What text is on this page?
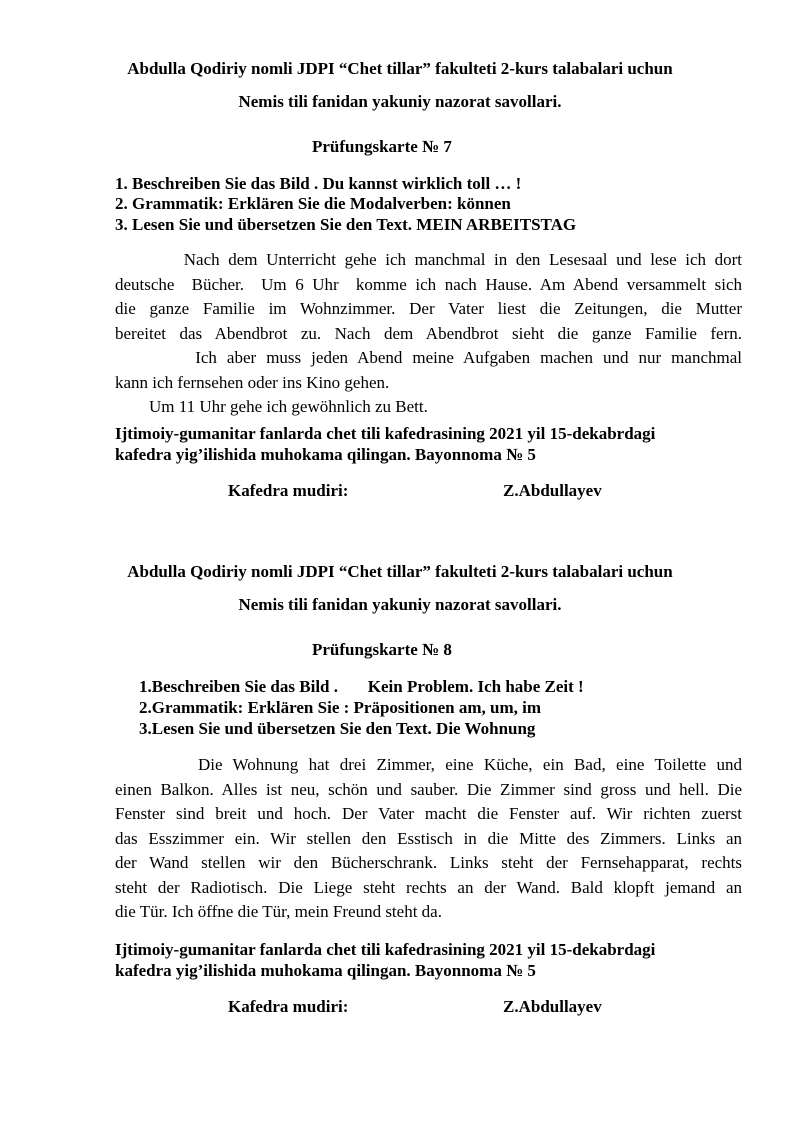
Abdulla Qodiriy nomli JDPI “Chet tillar” fakulteti 2-kurs talabalari uchun
Nemis tili fanidan yakuniy nazorat savollari.
Prüfungskarte № 7
1. Beschreiben Sie das Bild . Du kannst wirklich toll … !
2. Grammatik: Erklären Sie die Modalverben: können
3. Lesen Sie und übersetzen Sie den Text. MEIN ARBEITSTAG
Nach dem Unterricht gehe ich manchmal in den Lesesaal und lese ich dort
deutsche  Bücher.  Um 6 Uhr  komme ich nach Hause. Am Abend versammelt sich
die ganze Familie im Wohnzimmer. Der Vater liest die Zeitungen, die Mutter
bereitet das Abendbrot zu. Nach dem Abendbrot sieht die ganze Familie fern.
Ich aber muss jeden Abend meine Aufgaben machen und nur manchmal
kann ich fernsehen oder ins Kino gehen.
Um 11 Uhr gehe ich gewöhnlich zu Bett.
Ijtimoiy-gumanitar fanlarda chet tili kafedrasining 2021 yil 15-dekabrdagi
kafedra yig’ilishida muhokama qilingan. Bayonnoma № 5
Kafedra mudiri:	Z.Abdullayev
Abdulla Qodiriy nomli JDPI “Chet tillar” fakulteti 2-kurs talabalari uchun
Nemis tili fanidan yakuniy nazorat savollari.
Prüfungskarte № 8
1.Beschreiben Sie das Bild .       Kein Problem. Ich habe Zeit !
2.Grammatik: Erklären Sie : Präpositionen am, um, im
3.Lesen Sie und übersetzen Sie den Text. Die Wohnung
Die Wohnung hat drei Zimmer, eine Küche, ein Bad, eine Toilette und
einen Balkon. Alles ist neu, schön und sauber. Die Zimmer sind gross und hell. Die
Fenster sind breit und hoch. Der Vater macht die Fenster auf. Wir richten zuerst
das Esszimmer ein. Wir stellen den Esstisch in die Mitte des Zimmers. Links an
der Wand stellen wir den Bücherschrank. Links steht der Fernsehapparat, rechts
steht der Radiotisch. Die Liege steht rechts an der Wand. Bald klopft jemand an
die Tür. Ich öffne die Tür, mein Freund steht da.
Ijtimoiy-gumanitar fanlarda chet tili kafedrasining 2021 yil 15-dekabrdagi
kafedra yig’ilishida muhokama qilingan. Bayonnoma № 5
Kafedra mudiri:	Z.Abdullayev
